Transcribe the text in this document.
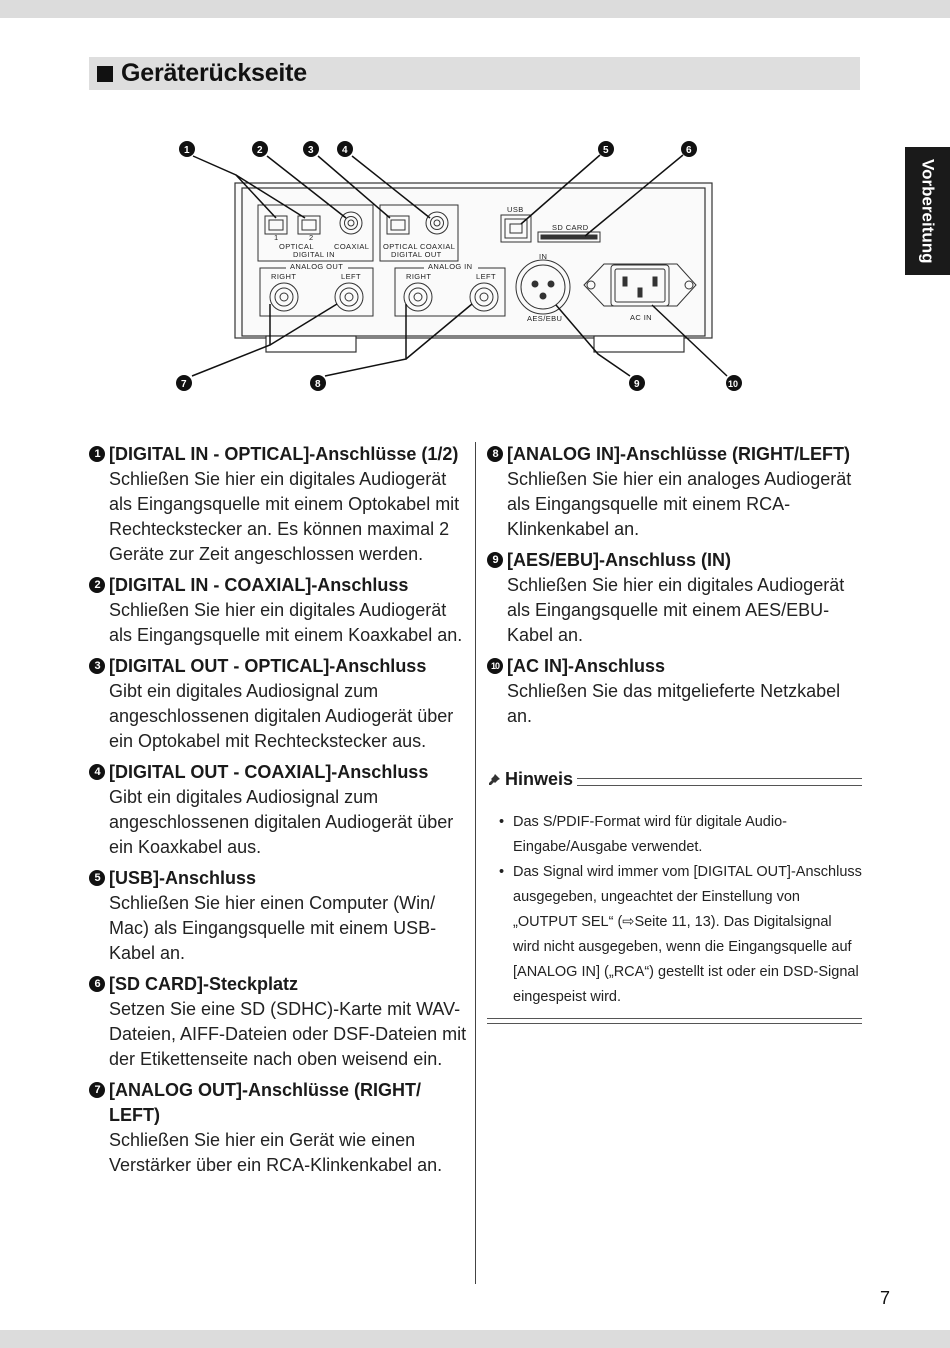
Geräterückseite
Vorbereitung
1	2
OPTICAL	COAXIAL
DIGITAL IN
OPTICAL COAXIAL
DIGITAL OUT
ANALOG OUT
RIGHT	LEFT
ANALOG IN
RIGHT	LEFT
USB
SD CARD
IN
AES/EBU	AC IN
1	2	3	4	5	6
7	8	9	10
1 [DIGITAL IN - OPTICAL]-Anschlüsse (1/2)
Schließen Sie hier ein digitales Audiogerät als Eingangsquelle mit einem Optokabel mit Rechteckstecker an. Es können maximal 2 Geräte zur Zeit angeschlossen werden.
2 [DIGITAL IN - COAXIAL]-Anschluss
Schließen Sie hier ein digitales Audiogerät als Eingangsquelle mit einem Koaxkabel an.
3 [DIGITAL OUT - OPTICAL]-Anschluss
Gibt ein digitales Audiosignal zum angeschlossenen digitalen Audiogerät über ein Optokabel mit Rechteckstecker aus.
4 [DIGITAL OUT - COAXIAL]-Anschluss
Gibt ein digitales Audiosignal zum angeschlossenen digitalen Audiogerät über ein Koaxkabel aus.
5 [USB]-Anschluss
Schließen Sie hier einen Computer (Win/ Mac) als Eingangsquelle mit einem USB-Kabel an.
6 [SD CARD]-Steckplatz
Setzen Sie eine SD (SDHC)-Karte mit WAV-Dateien, AIFF-Dateien oder DSF-Dateien mit der Etikettenseite nach oben weisend ein.
7 [ANALOG OUT]-Anschlüsse (RIGHT/ LEFT)
Schließen Sie hier ein Gerät wie einen Verstärker über ein RCA-Klinkenkabel an.
8 [ANALOG IN]-Anschlüsse (RIGHT/LEFT)
Schließen Sie hier ein analoges Audiogerät als Eingangsquelle mit einem RCA-Klinkenkabel an.
9 [AES/EBU]-Anschluss (IN)
Schließen Sie hier ein digitales Audiogerät als Eingangsquelle mit einem AES/EBU-Kabel an.
10 [AC IN]-Anschluss
Schließen Sie das mitgelieferte Netzkabel an.
Hinweis
• Das S/PDIF-Format wird für digitale Audio-Eingabe/Ausgabe verwendet.
• Das Signal wird immer vom [DIGITAL OUT]-Anschluss ausgegeben, ungeachtet der Einstellung von „OUTPUT SEL“ (⇨Seite 11, 13). Das Digitalsignal wird nicht ausgegeben, wenn die Eingangsquelle auf [ANALOG IN] („RCA“) gestellt ist oder ein DSD-Signal eingespeist wird.
7
